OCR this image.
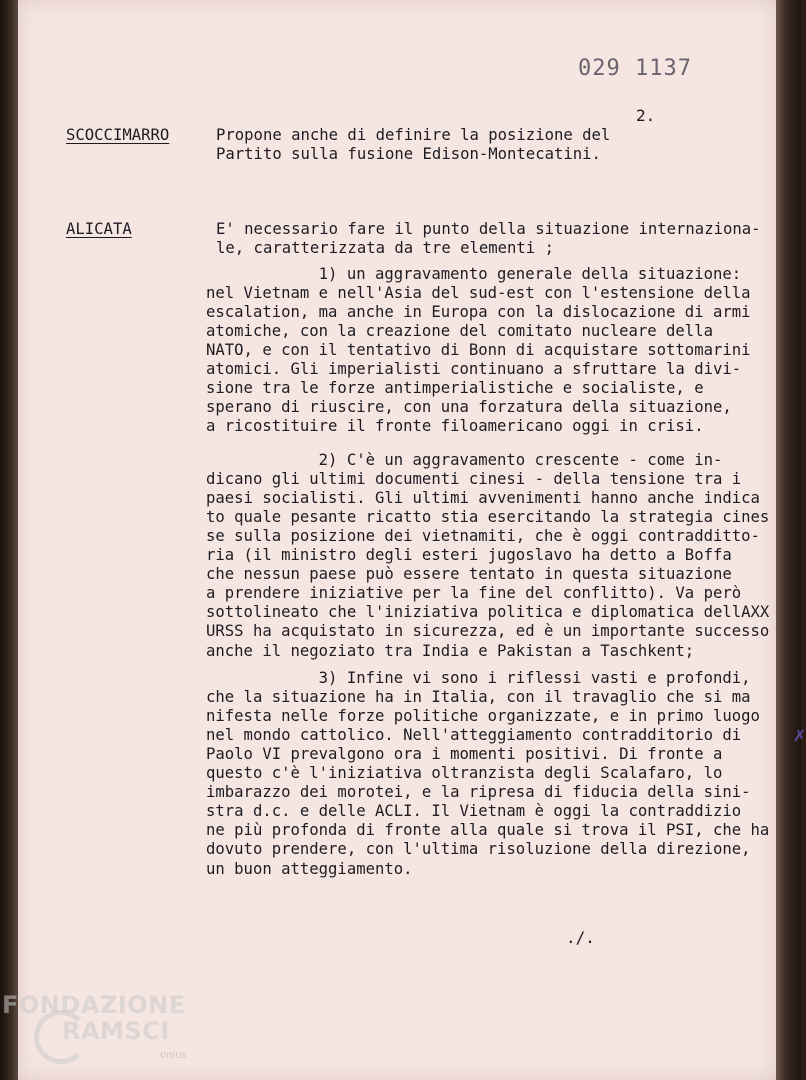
029 1137
2.
SCOCCIMARRO	Propone anche di definire la posizione del
Partito sulla fusione Edison-Montecatini.
ALICATA	E' necessario fare il punto della situazione internaziona-
le, caratterizzata da tre elementi ;
1) un aggravamento generale della situazione:
nel Vietnam e nell'Asia del sud-est con l'estensione della
escalation, ma anche in Europa con la dislocazione di armi
atomiche, con la creazione del comitato nucleare della
NATO, e con il tentativo di Bonn di acquistare sottomarini
atomici. Gli imperialisti continuano a sfruttare la divi-
sione tra le forze antimperialistiche e socialiste, e
sperano di riuscire, con una forzatura della situazione,
a ricostituire il fronte filoamericano oggi in crisi.
2) C'è un aggravamento crescente - come in-
dicano gli ultimi documenti cinesi - della tensione tra i
paesi socialisti. Gli ultimi avvenimenti hanno anche indica
to quale pesante ricatto stia esercitando la strategia cines
se sulla posizione dei vietnamiti, che è oggi contradditto-
ria (il ministro degli esteri jugoslavo ha detto a Boffa
che nessun paese può essere tentato in questa situazione
a prendere iniziative per la fine del conflitto). Va però
sottolineato che l'iniziativa politica e diplomatica dellAXX
URSS ha acquistato in sicurezza, ed è un importante successo
anche il negoziato tra India e Pakistan a Taschkent;
3) Infine vi sono i riflessi vasti e profondi,
che la situazione ha in Italia, con il travaglio che si ma
nifesta nelle forze politiche organizzate, e in primo luogo
nel mondo cattolico. Nell'atteggiamento contradditorio di
Paolo VI prevalgono ora i momenti positivi. Di fronte a
questo c'è l'iniziativa oltranzista degli Scalafaro, lo
imbarazzo dei morotei, e la ripresa di fiducia della sini-
stra d.c. e delle ACLI. Il Vietnam è oggi la contraddizio
ne più profonda di fronte alla quale si trova il PSI, che ha
dovuto prendere, con l'ultima risoluzione della direzione,
un buon atteggiamento.
./.
✗
FONDAZIONE
RAMSCI
onlus
